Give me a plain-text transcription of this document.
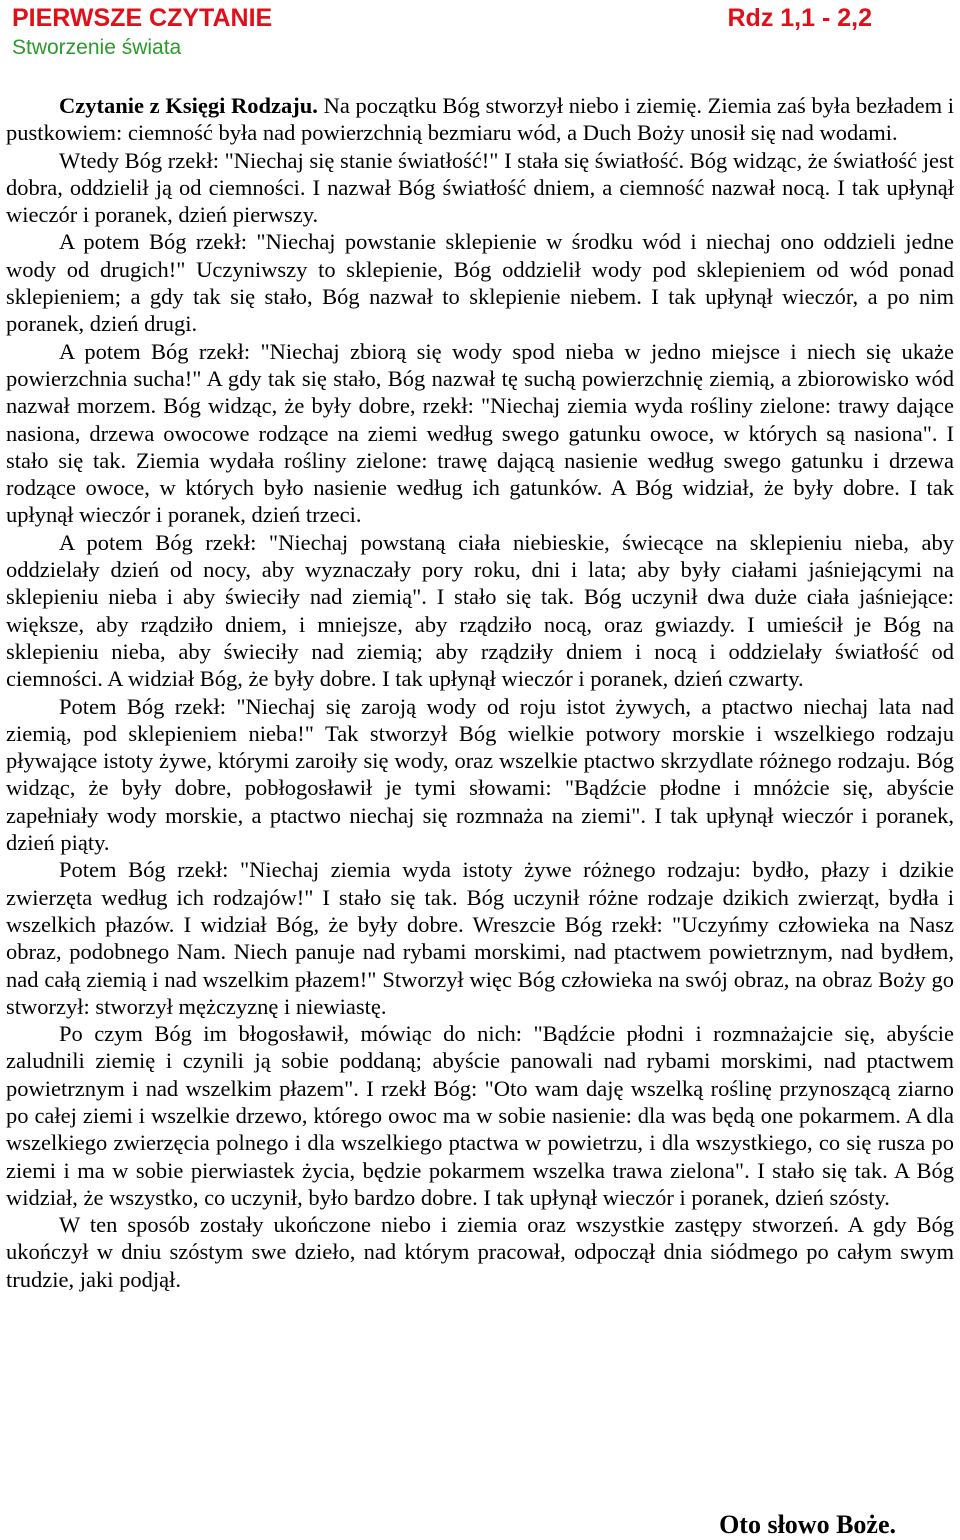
PIERWSZE CZYTANIE	Rdz 1,1 - 2,2
Stworzenie świata

Czytanie z Księgi Rodzaju. Na początku Bóg stworzył niebo i ziemię. Ziemia zaś była bezładem i pustkowiem: ciemność była nad powierzchnią bezmiaru wód, a Duch Boży unosił się nad wodami.

Wtedy Bóg rzekł: "Niechaj się stanie światłość!" I stała się światłość. Bóg widząc, że światłość jest dobra, oddzielił ją od ciemności. I nazwał Bóg światłość dniem, a ciemność nazwał nocą. I tak upłynął wieczór i poranek, dzień pierwszy.

A potem Bóg rzekł: "Niechaj powstanie sklepienie w środku wód i niechaj ono oddzieli jedne wody od drugich!" Uczyniwszy to sklepienie, Bóg oddzielił wody pod sklepieniem od wód ponad sklepieniem; a gdy tak się stało, Bóg nazwał to sklepienie niebem. I tak upłynął wieczór, a po nim poranek, dzień drugi.

A potem Bóg rzekł: "Niechaj zbiorą się wody spod nieba w jedno miejsce i niech się ukaże powierzchnia sucha!" A gdy tak się stało, Bóg nazwał tę suchą powierzchnię ziemią, a zbiorowisko wód nazwał morzem. Bóg widząc, że były dobre, rzekł: "Niechaj ziemia wyda rośliny zielone: trawy dające nasiona, drzewa owocowe rodzące na ziemi według swego gatunku owoce, w których są nasiona". I stało się tak. Ziemia wydała rośliny zielone: trawę dającą nasienie według swego gatunku i drzewa rodzące owoce, w których było nasienie według ich gatunków. A Bóg widział, że były dobre. I tak upłynął wieczór i poranek, dzień trzeci.

A potem Bóg rzekł: "Niechaj powstaną ciała niebieskie, świecące na sklepieniu nieba, aby oddzielały dzień od nocy, aby wyznaczały pory roku, dni i lata; aby były ciałami jaśniejącymi na sklepieniu nieba i aby świeciły nad ziemią". I stało się tak. Bóg uczynił dwa duże ciała jaśniejące: większe, aby rządziło dniem, i mniejsze, aby rządziło nocą, oraz gwiazdy. I umieścił je Bóg na sklepieniu nieba, aby świeciły nad ziemią; aby rządziły dniem i nocą i oddzielały światłość od ciemności. A widział Bóg, że były dobre. I tak upłynął wieczór i poranek, dzień czwarty.

Potem Bóg rzekł: "Niechaj się zaroją wody od roju istot żywych, a ptactwo niechaj lata nad ziemią, pod sklepieniem nieba!" Tak stworzył Bóg wielkie potwory morskie i wszelkiego rodzaju pływające istoty żywe, którymi zaroiły się wody, oraz wszelkie ptactwo skrzydlate różnego rodzaju. Bóg widząc, że były dobre, pobłogosławił je tymi słowami: "Bądźcie płodne i mnóżcie się, abyście zapełniały wody morskie, a ptactwo niechaj się rozmnaża na ziemi". I tak upłynął wieczór i poranek, dzień piąty.

Potem Bóg rzekł: "Niechaj ziemia wyda istoty żywe różnego rodzaju: bydło, płazy i dzikie zwierzęta według ich rodzajów!" I stało się tak. Bóg uczynił różne rodzaje dzikich zwierząt, bydła i wszelkich płazów. I widział Bóg, że były dobre. Wreszcie Bóg rzekł: "Uczyńmy człowieka na Nasz obraz, podobnego Nam. Niech panuje nad rybami morskimi, nad ptactwem powietrznym, nad bydłem, nad całą ziemią i nad wszelkim płazem!" Stworzył więc Bóg człowieka na swój obraz, na obraz Boży go stworzył: stworzył mężczyznę i niewiastę.

Po czym Bóg im błogosławił, mówiąc do nich: "Bądźcie płodni i rozmnażajcie się, abyście zaludnili ziemię i czynili ją sobie poddaną; abyście panowali nad rybami morskimi, nad ptactwem powietrznym i nad wszelkim płazem". I rzekł Bóg: "Oto wam daję wszelką roślinę przynoszącą ziarno po całej ziemi i wszelkie drzewo, którego owoc ma w sobie nasienie: dla was będą one pokarmem. A dla wszelkiego zwierzęcia polnego i dla wszelkiego ptactwa w powietrzu, i dla wszystkiego, co się rusza po ziemi i ma w sobie pierwiastek życia, będzie pokarmem wszelka trawa zielona". I stało się tak. A Bóg widział, że wszystko, co uczynił, było bardzo dobre. I tak upłynął wieczór i poranek, dzień szósty.

W ten sposób zostały ukończone niebo i ziemia oraz wszystkie zastępy stworzeń. A gdy Bóg ukończył w dniu szóstym swe dzieło, nad którym pracował, odpoczął dnia siódmego po całym swym trudzie, jaki podjął.

Oto słowo Boże.
